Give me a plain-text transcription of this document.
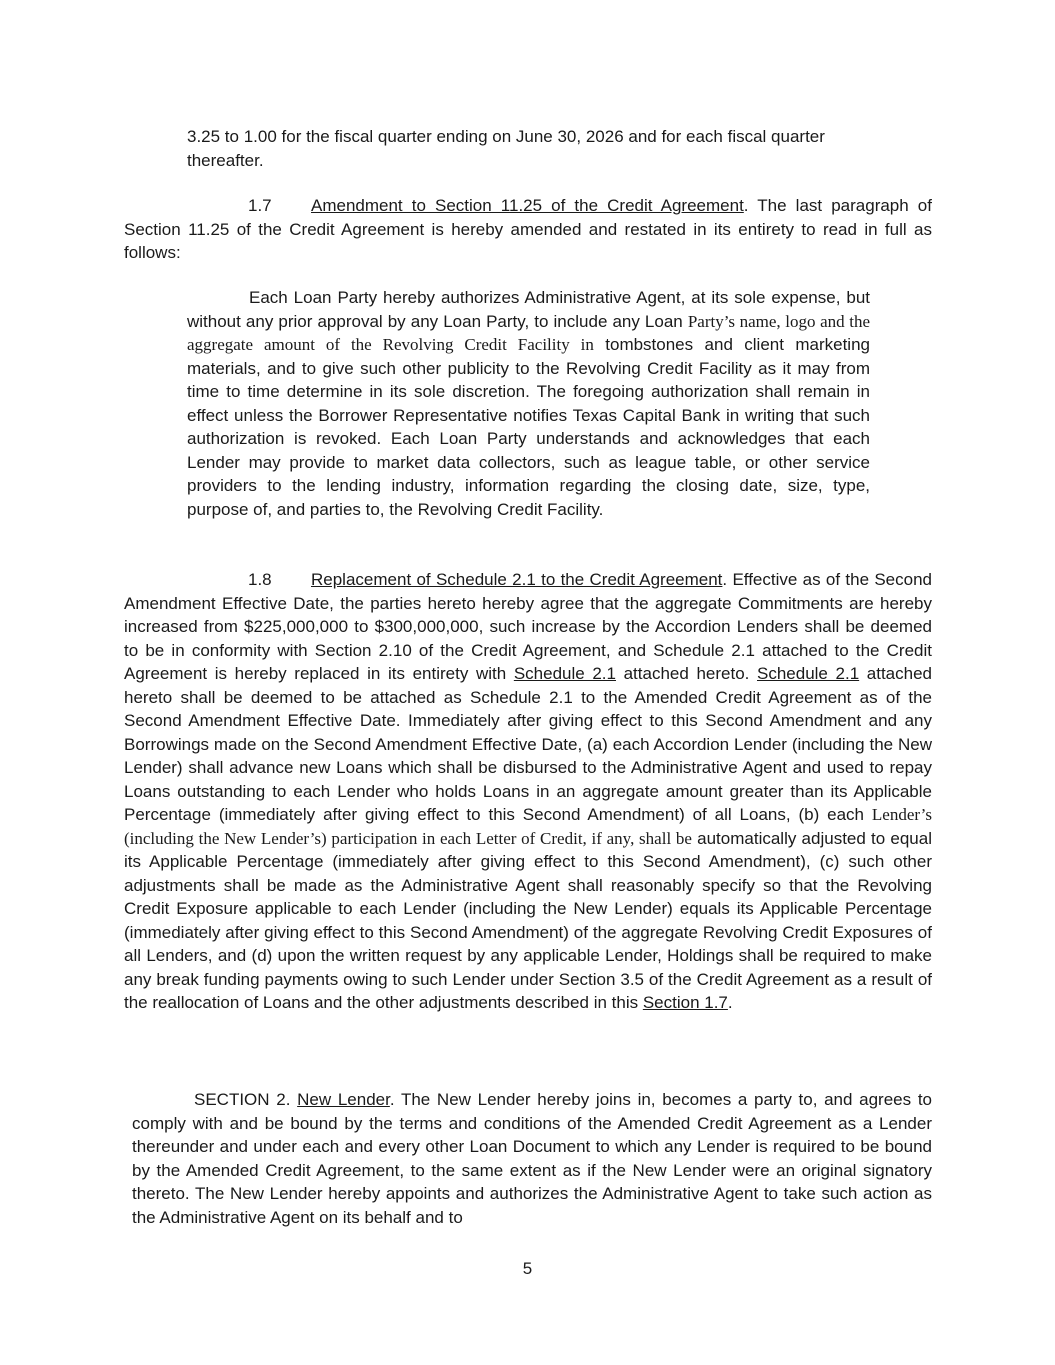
3.25 to 1.00 for the fiscal quarter ending on June 30, 2026 and for each fiscal quarter thereafter.

1.7 Amendment to Section 11.25 of the Credit Agreement. The last paragraph of Section 11.25 of the Credit Agreement is hereby amended and restated in its entirety to read in full as follows:

Each Loan Party hereby authorizes Administrative Agent, at its sole expense, but without any prior approval by any Loan Party, to include any Loan Party’s name, logo and the aggregate amount of the Revolving Credit Facility in tombstones and client marketing materials, and to give such other publicity to the Revolving Credit Facility as it may from time to time determine in its sole discretion. The foregoing authorization shall remain in effect unless the Borrower Representative notifies Texas Capital Bank in writing that such authorization is revoked. Each Loan Party understands and acknowledges that each Lender may provide to market data collectors, such as league table, or other service providers to the lending industry, information regarding the closing date, size, type, purpose of, and parties to, the Revolving Credit Facility.

1.8 Replacement of Schedule 2.1 to the Credit Agreement. Effective as of the Second Amendment Effective Date, the parties hereto hereby agree that the aggregate Commitments are hereby increased from $225,000,000 to $300,000,000, such increase by the Accordion Lenders shall be deemed to be in conformity with Section 2.10 of the Credit Agreement, and Schedule 2.1 attached to the Credit Agreement is hereby replaced in its entirety with Schedule 2.1 attached hereto. Schedule 2.1 attached hereto shall be deemed to be attached as Schedule 2.1 to the Amended Credit Agreement as of the Second Amendment Effective Date. Immediately after giving effect to this Second Amendment and any Borrowings made on the Second Amendment Effective Date, (a) each Accordion Lender (including the New Lender) shall advance new Loans which shall be disbursed to the Administrative Agent and used to repay Loans outstanding to each Lender who holds Loans in an aggregate amount greater than its Applicable Percentage (immediately after giving effect to this Second Amendment) of all Loans, (b) each Lender’s (including the New Lender’s) participation in each Letter of Credit, if any, shall be automatically adjusted to equal its Applicable Percentage (immediately after giving effect to this Second Amendment), (c) such other adjustments shall be made as the Administrative Agent shall reasonably specify so that the Revolving Credit Exposure applicable to each Lender (including the New Lender) equals its Applicable Percentage (immediately after giving effect to this Second Amendment) of the aggregate Revolving Credit Exposures of all Lenders, and (d) upon the written request by any applicable Lender, Holdings shall be required to make any break funding payments owing to such Lender under Section 3.5 of the Credit Agreement as a result of the reallocation of Loans and the other adjustments described in this Section 1.7.

SECTION 2. New Lender. The New Lender hereby joins in, becomes a party to, and agrees to comply with and be bound by the terms and conditions of the Amended Credit Agreement as a Lender thereunder and under each and every other Loan Document to which any Lender is required to be bound by the Amended Credit Agreement, to the same extent as if the New Lender were an original signatory thereto. The New Lender hereby appoints and authorizes the Administrative Agent to take such action as the Administrative Agent on its behalf and to

5
